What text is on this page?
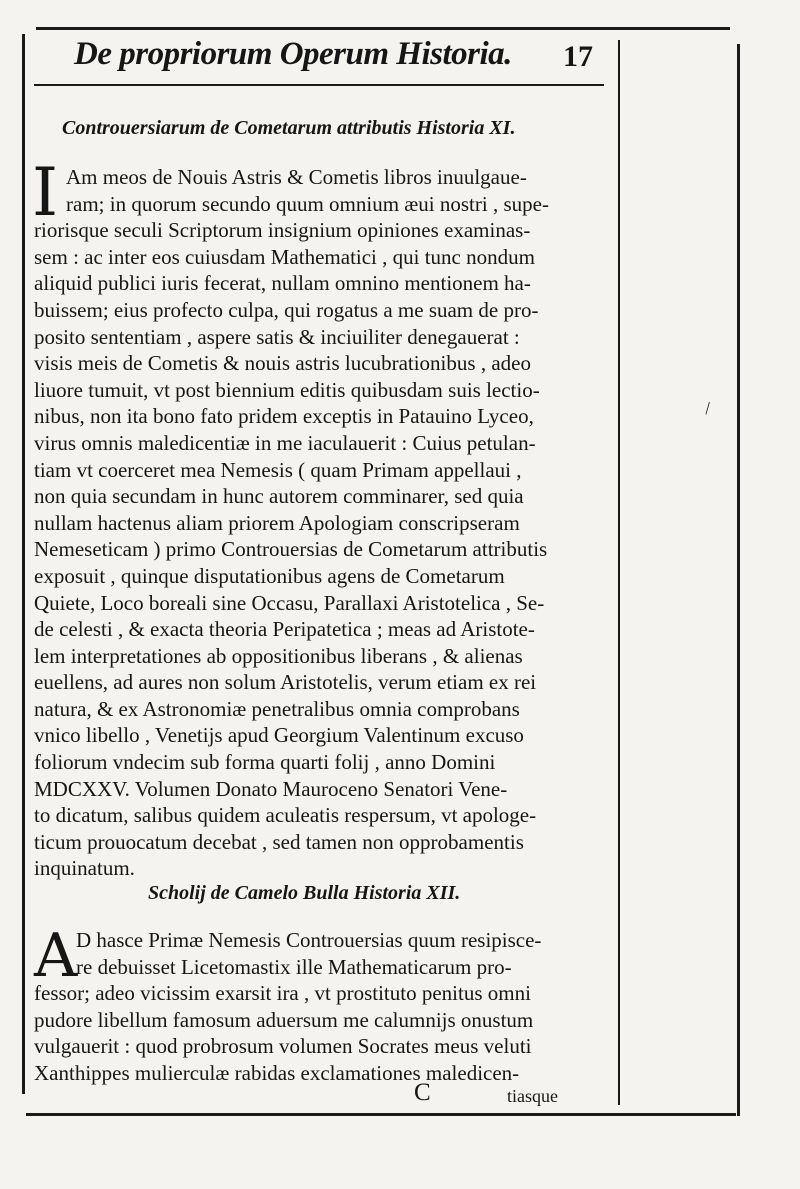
De propriorum Operum Historia.	17
Controuersiarum de Cometarum attributis Historia XI.
I Am meos de Nouis Astris & Cometis libros inuulgaue-
ram; in quorum secundo quum omnium æui nostri , supe-
riorisque seculi Scriptorum insignium opiniones examinas-
sem : ac inter eos cuiusdam Mathematici , qui tunc nondum
aliquid publici iuris fecerat, nullam omnino mentionem ha-
buissem; eius profecto culpa, qui rogatus a me suam de pro-
posito sententiam , aspere satis & inciuiliter denegauerat :
visis meis de Cometis & nouis astris lucubrationibus , adeo
liuore tumuit, vt post biennium editis quibusdam suis lectio-
nibus, non ita bono fato pridem exceptis in Patauino Lyceo,
virus omnis maledicentiæ in me iaculauerit : Cuius petulan-
tiam vt coerceret mea Nemesis ( quam Primam appellaui ,
non quia secundam in hunc autorem comminarer, sed quia
nullam hactenus aliam priorem Apologiam conscripseram
Nemeseticam ) primo Controuersias de Cometarum attributis
exposuit , quinque disputationibus agens de Cometarum
Quiete, Loco boreali sine Occasu, Parallaxi Aristotelica , Se-
de celesti , & exacta theoria Peripatetica ; meas ad Aristote-
lem interpretationes ab oppositionibus liberans , & alienas
euellens, ad aures non solum Aristotelis, verum etiam ex rei
natura, & ex Astronomiæ penetralibus omnia comprobans
vnico libello , Venetijs apud Georgium Valentinum excuso
foliorum vndecim sub forma quarti folij , anno Domini
MDCXXV. Volumen Donato Mauroceno Senatori Vene-
to dicatum, salibus quidem aculeatis respersum, vt apologe-
ticum prouocatum decebat , sed tamen non opprobamentis
inquinatum.
Scholij de Camelo Bulla Historia XII.
A
D hasce Primæ Nemesis Controuersias quum resipisce-
re debuisset Licetomastix ille Mathematicarum pro-
fessor; adeo vicissim exarsit ira , vt prostituto penitus omni
pudore libellum famosum aduersum me calumnijs onustum
vulgauerit : quod probrosum volumen Socrates meus veluti
Xanthippes mulierculæ rabidas exclamationes maledicen-
C	tiasque
\
